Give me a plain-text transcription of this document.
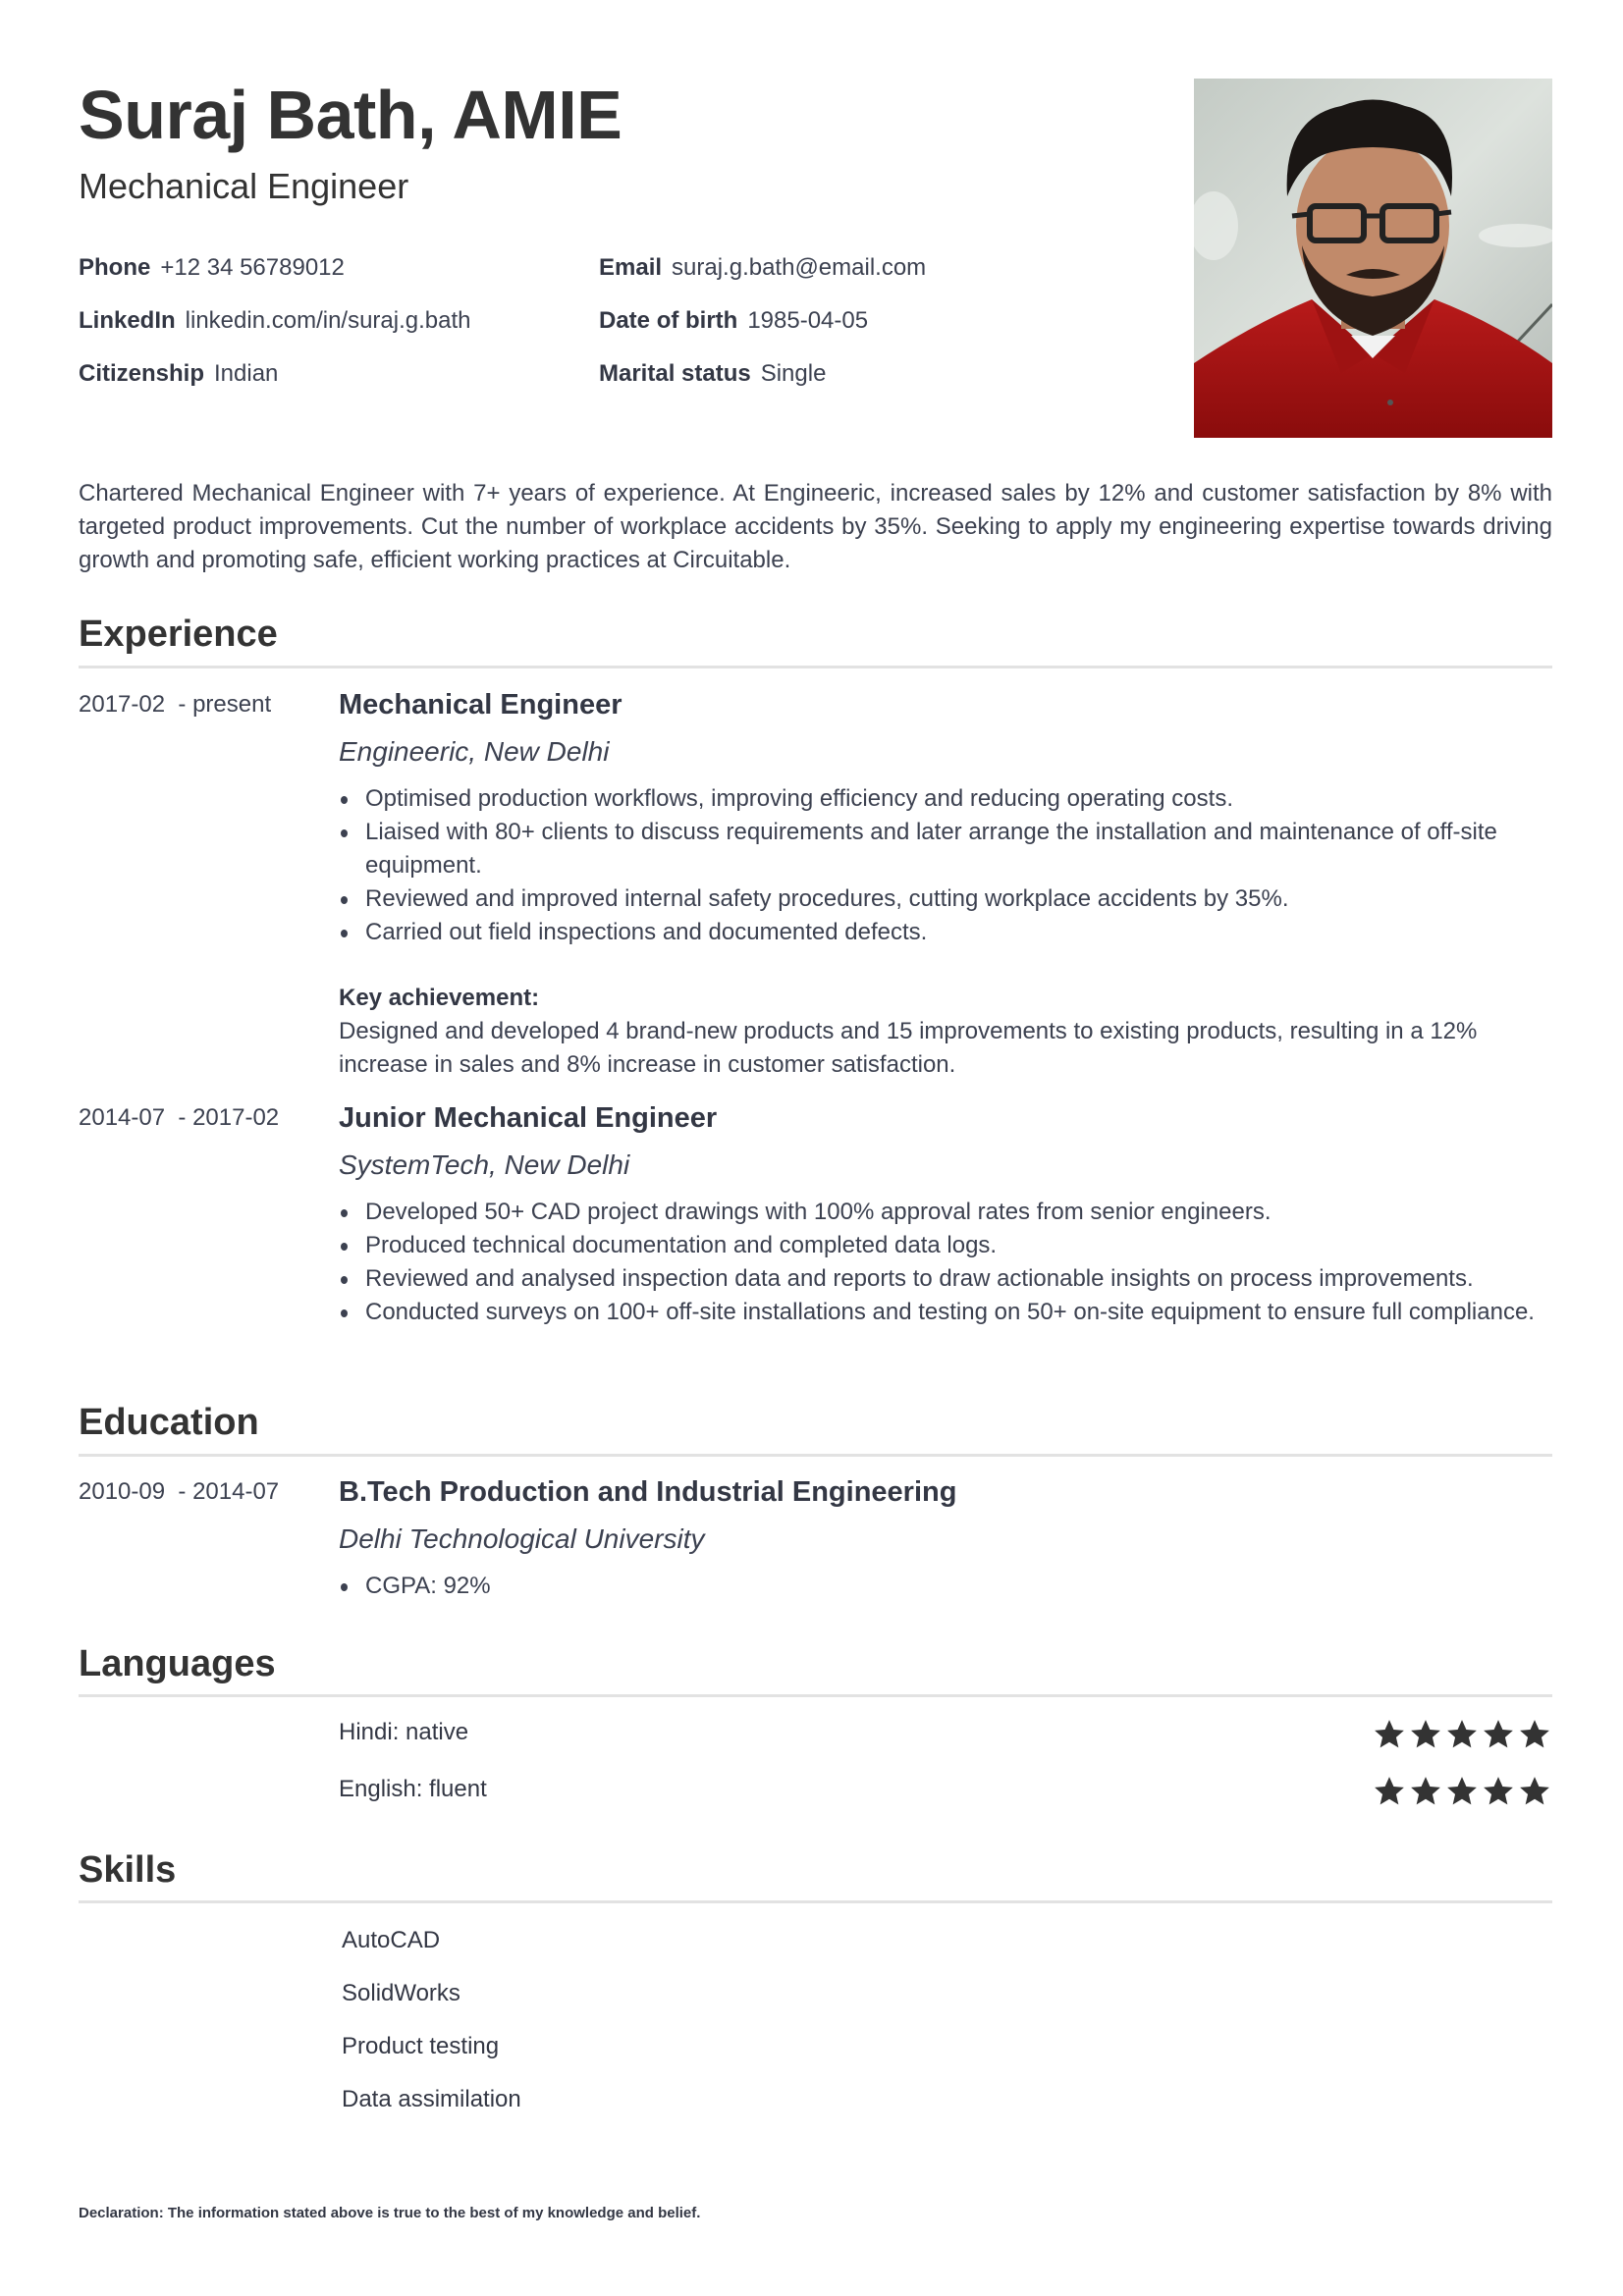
Suraj Bath, AMIE
Mechanical Engineer
Phone +12 34 56789012	Email suraj.g.bath@email.com
LinkedIn linkedin.com/in/suraj.g.bath	Date of birth 1985-04-05
Citizenship Indian	Marital status Single
Chartered Mechanical Engineer with 7+ years of experience. At Engineeric, increased sales by 12% and customer satisfaction by 8% with targeted product improvements. Cut the number of workplace accidents by 35%. Seeking to apply my engineering expertise towards driving growth and promoting safe, efficient working practices at Circuitable.
Experience
2017-02  - present Mechanical Engineer
Engineeric, New Delhi
Optimised production workflows, improving efficiency and reducing operating costs.
Liaised with 80+ clients to discuss requirements and later arrange the installation and maintenance of off-site equipment.
Reviewed and improved internal safety procedures, cutting workplace accidents by 35%.
Carried out field inspections and documented defects.
Key achievement:
Designed and developed 4 brand-new products and 15 improvements to existing products, resulting in a 12% increase in sales and 8% increase in customer satisfaction.
2014-07  - 2017-02 Junior Mechanical Engineer
SystemTech, New Delhi
Developed 50+ CAD project drawings with 100% approval rates from senior engineers.
Produced technical documentation and completed data logs.
Reviewed and analysed inspection data and reports to draw actionable insights on process improvements.
Conducted surveys on 100+ off-site installations and testing on 50+ on-site equipment to ensure full compliance.
Education
2010-09  - 2014-07 B.Tech Production and Industrial Engineering
Delhi Technological University
CGPA: 92%
Languages
Hindi: native
English: fluent
Skills
AutoCAD
SolidWorks
Product testing
Data assimilation
Declaration: The information stated above is true to the best of my knowledge and belief.
